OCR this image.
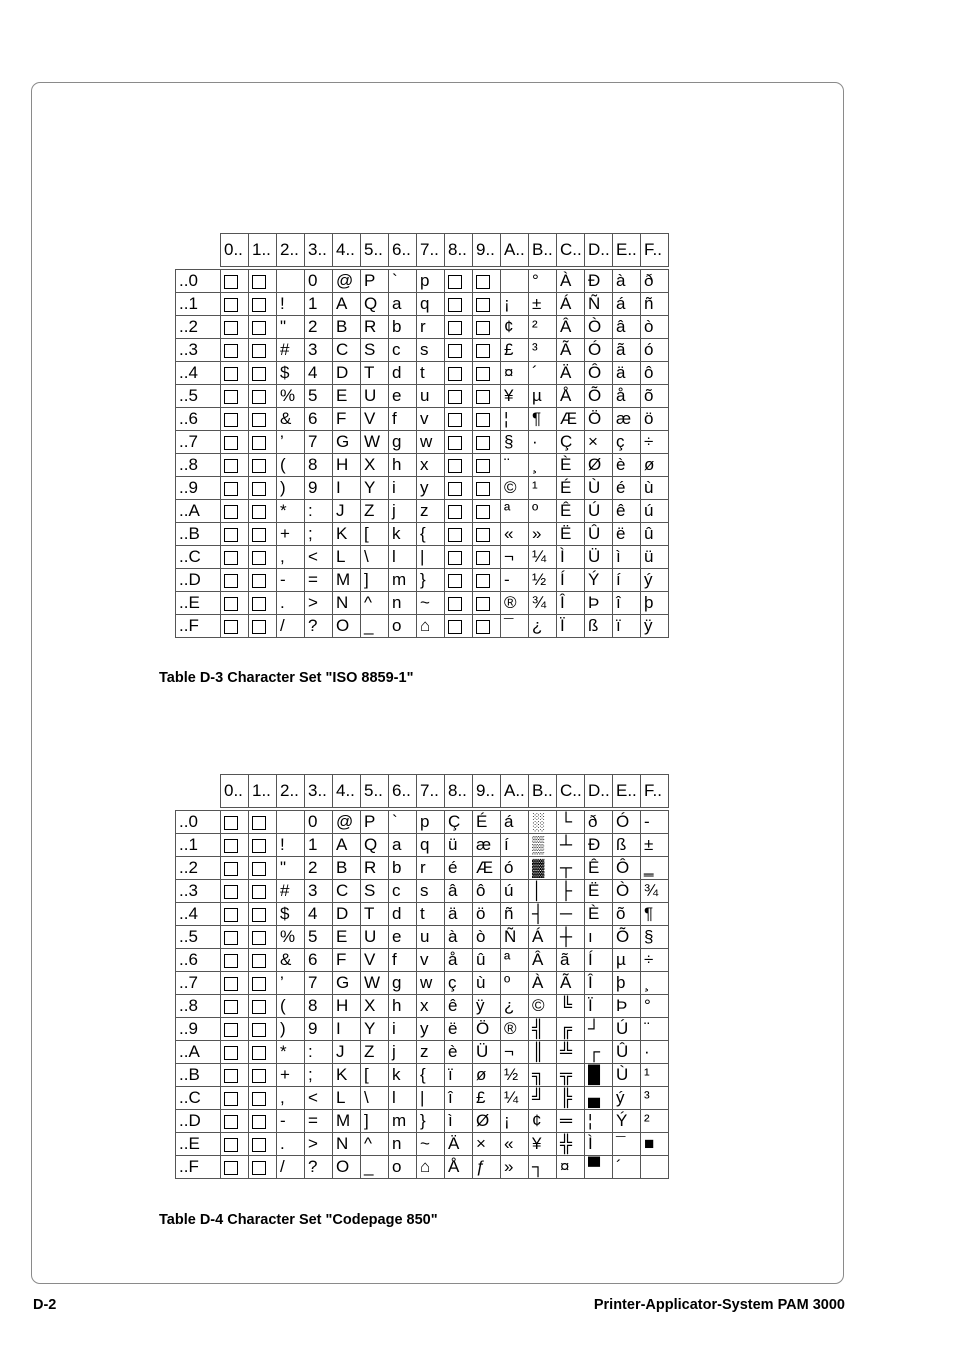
	0..	1..	2..	3..	4..	5..	6..	7..	8..	9..	A..	B..	C..	D..	E..	F..

..0				0	@	P	`	p				°	À	Ð	à	ð
..1			!	1	A	Q	a	q			¡	±	Á	Ñ	á	ñ
..2			"	2	B	R	b	r			¢	²	Â	Ò	â	ò
..3			#	3	C	S	c	s			£	³	Ã	Ó	ã	ó
..4			$	4	D	T	d	t			¤	´	Ä	Ô	ä	ô
..5			%	5	E	U	e	u			¥	µ	Å	Õ	å	õ
..6			&	6	F	V	f	v			¦	¶	Æ	Ö	æ	ö
..7			’	7	G	W	g	w			§	·	Ç	×	ç	÷
..8			(	8	H	X	h	x			¨	¸	È	Ø	è	ø
..9			)	9	I	Y	i	y			©	¹	É	Ù	é	ù
..A			*	:	J	Z	j	z			ª	º	Ê	Ú	ê	ú
..B			+	;	K	[	k	{			«	»	Ë	Û	ë	û
..C			,	<	L	\	l	|			¬	¼	Ì	Ü	ì	ü
..D			-	=	M	]	m	}			-	½	Í	Ý	í	ý
..E			.	>	N	^	n	~			®	¾	Î	Þ	î	þ
..F			/	?	O	_	o	⌂			¯	¿	Ï	ß	ï	ÿ
Table D-3 Character Set "ISO 8859-1"
	0..	1..	2..	3..	4..	5..	6..	7..	8..	9..	A..	B..	C..	D..	E..	F..

..0				0	@	P	`	p	Ç	É	á	░	└	ð	Ó	-
..1			!	1	A	Q	a	q	ü	æ	í	▒	┴	Ð	ß	±
..2			"	2	B	R	b	r	é	Æ	ó	▓	┬	Ê	Ô	‗
..3			#	3	C	S	c	s	â	ô	ú	│	├	Ë	Ò	¾
..4			$	4	D	T	d	t	ä	ö	ñ	┤	─	È	õ	¶
..5			%	5	E	U	e	u	à	ò	Ñ	Á	┼	ı	Õ	§
..6			&	6	F	V	f	v	å	û	ª	Â	ã	Í	µ	÷
..7			’	7	G	W	g	w	ç	ù	º	À	Ã	Î	þ	¸
..8			(	8	H	X	h	x	ê	ÿ	¿	©	╚	Ï	Þ	°
..9			)	9	I	Y	i	y	ë	Ö	®	╣	╔	┘	Ú	¨
..A			*	:	J	Z	j	z	è	Ü	¬	║	╩	┌	Û	·
..B			+	;	K	[	k	{	ï	ø	½	╗	╦	█	Ù	¹
..C			,	<	L	\	l	|	î	£	¼	╝	╠	▄	ý	³
..D			-	=	M	]	m	}	ì	Ø	¡	¢	═	¦	Ý	²
..E			.	>	N	^	n	~	Ä	×	«	¥	╬	Ì	¯	■
..F			/	?	O	_	o	⌂	Å	ƒ	»	┐	¤	▀	´	
Table D-4 Character Set "Codepage 850"
D-2	Printer-Applicator-System PAM 3000
